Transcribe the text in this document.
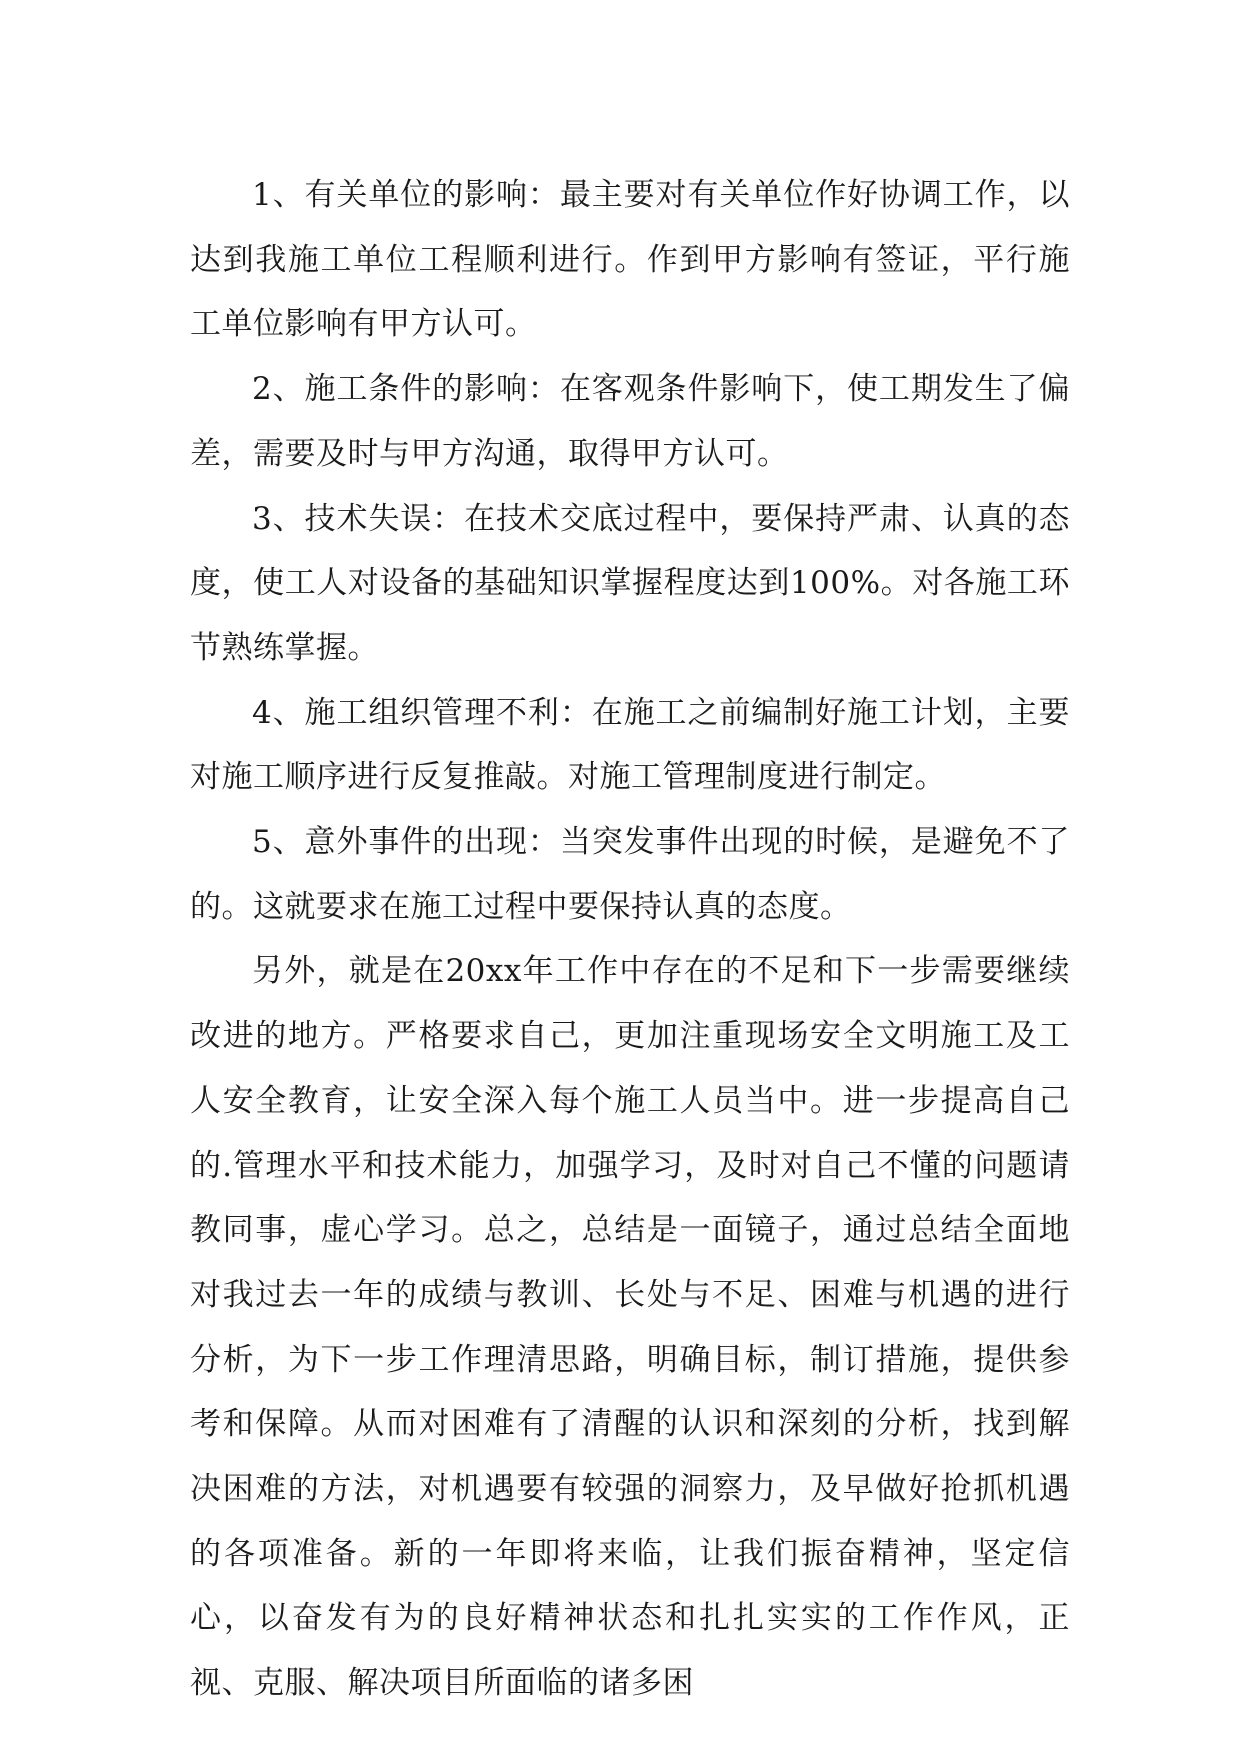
1、有关单位的影响：最主要对有关单位作好协调工作，以达到我施工单位工程顺利进行。作到甲方影响有签证，平行施工单位影响有甲方认可。

2、施工条件的影响：在客观条件影响下，使工期发生了偏差，需要及时与甲方沟通，取得甲方认可。

3、技术失误：在技术交底过程中，要保持严肃、认真的态度，使工人对设备的基础知识掌握程度达到100%。对各施工环节熟练掌握。

4、施工组织管理不利：在施工之前编制好施工计划，主要对施工顺序进行反复推敲。对施工管理制度进行制定。

5、意外事件的出现：当突发事件出现的时候，是避免不了的。这就要求在施工过程中要保持认真的态度。

另外，就是在20xx年工作中存在的不足和下一步需要继续改进的地方。严格要求自己，更加注重现场安全文明施工及工人安全教育，让安全深入每个施工人员当中。进一步提高自己的.管理水平和技术能力，加强学习，及时对自己不懂的问题请教同事，虚心学习。总之，总结是一面镜子，通过总结全面地对我过去一年的成绩与教训、长处与不足、困难与机遇的进行分析，为下一步工作理清思路，明确目标，制订措施，提供参考和保障。从而对困难有了清醒的认识和深刻的分析，找到解决困难的方法，对机遇要有较强的洞察力，及早做好抢抓机遇的各项准备。新的一年即将来临，让我们振奋精神，坚定信心，以奋发有为的良好精神状态和扎扎实实的工作作风，正视、克服、解决项目所面临的诸多困
